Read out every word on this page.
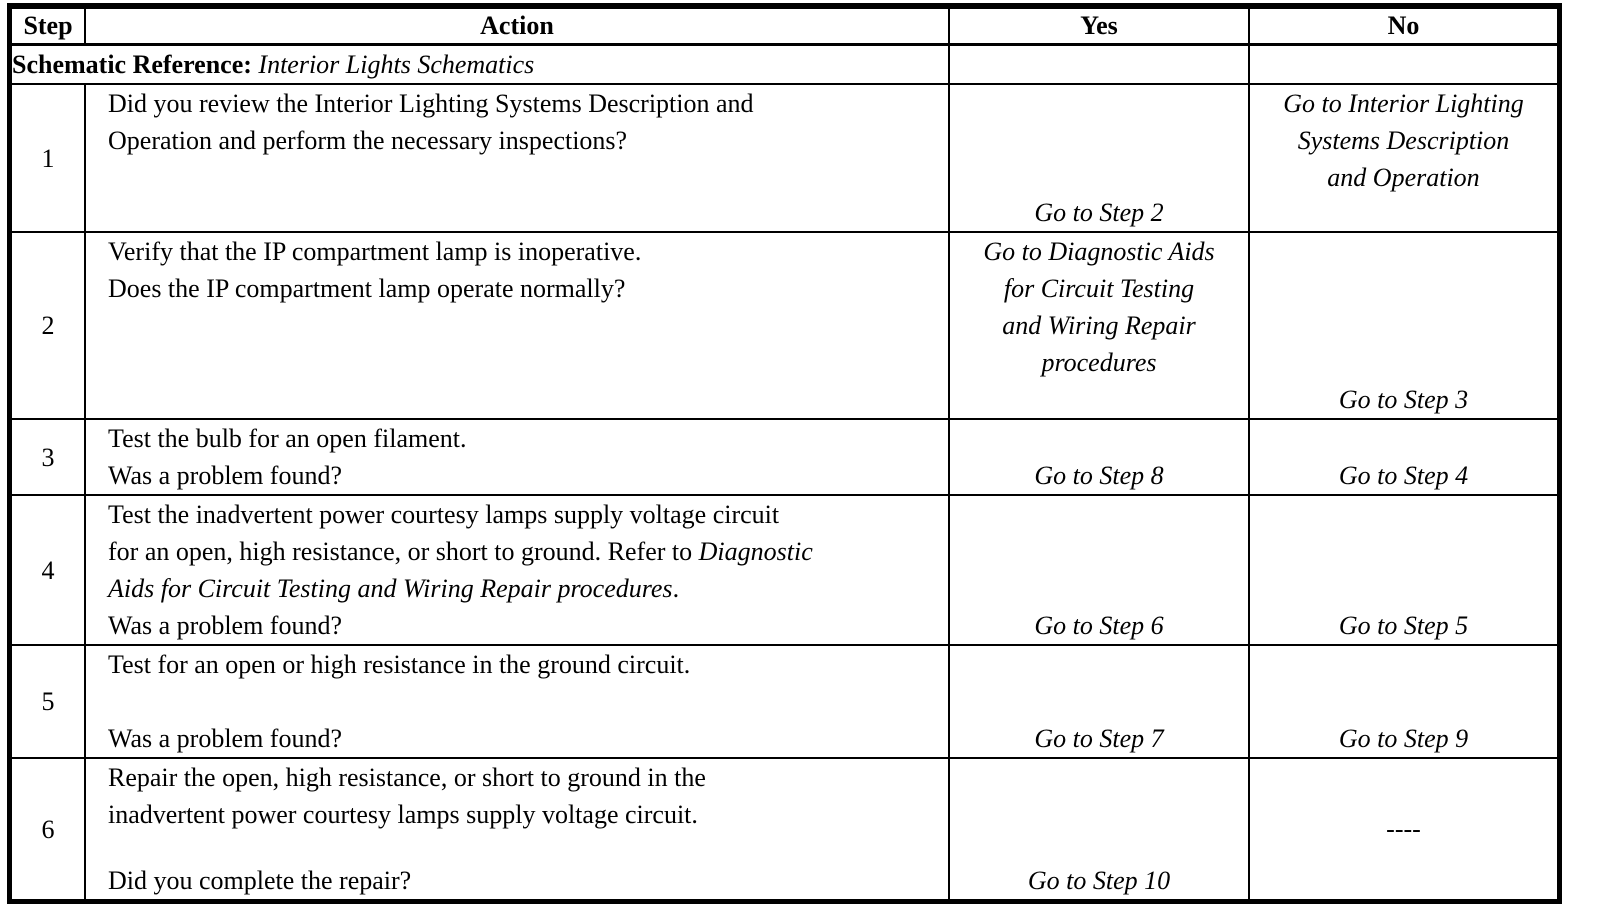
Step	Action	Yes	No
Schematic Reference: Interior Lights Schematics			
1	Did you review the Interior Lighting Systems Description and
Operation and perform the necessary inspections?	Go to Step 2	Go to Interior Lighting
Systems Description
and Operation

2	Verify that the IP compartment lamp is inoperative.
Does the IP compartment lamp operate normally?	Go to Diagnostic Aids
for Circuit Testing
and Wiring Repair
procedures	Go to Step 3

3	Test the bulb for an open filament.
Was a problem found?	Go to Step 8	Go to Step 4

4	Test the inadvertent power courtesy lamps supply voltage circuit
for an open, high resistance, or short to ground. Refer to Diagnostic
Aids for Circuit Testing and Wiring Repair procedures.
Was a problem found?	Go to Step 6	Go to Step 5

5	Test for an open or high resistance in the ground circuit.
Was a problem found?	Go to Step 7	Go to Step 9

6	Repair the open, high resistance, or short to ground in the
inadvertent power courtesy lamps supply voltage circuit.
Did you complete the repair?	Go to Step 10	----
